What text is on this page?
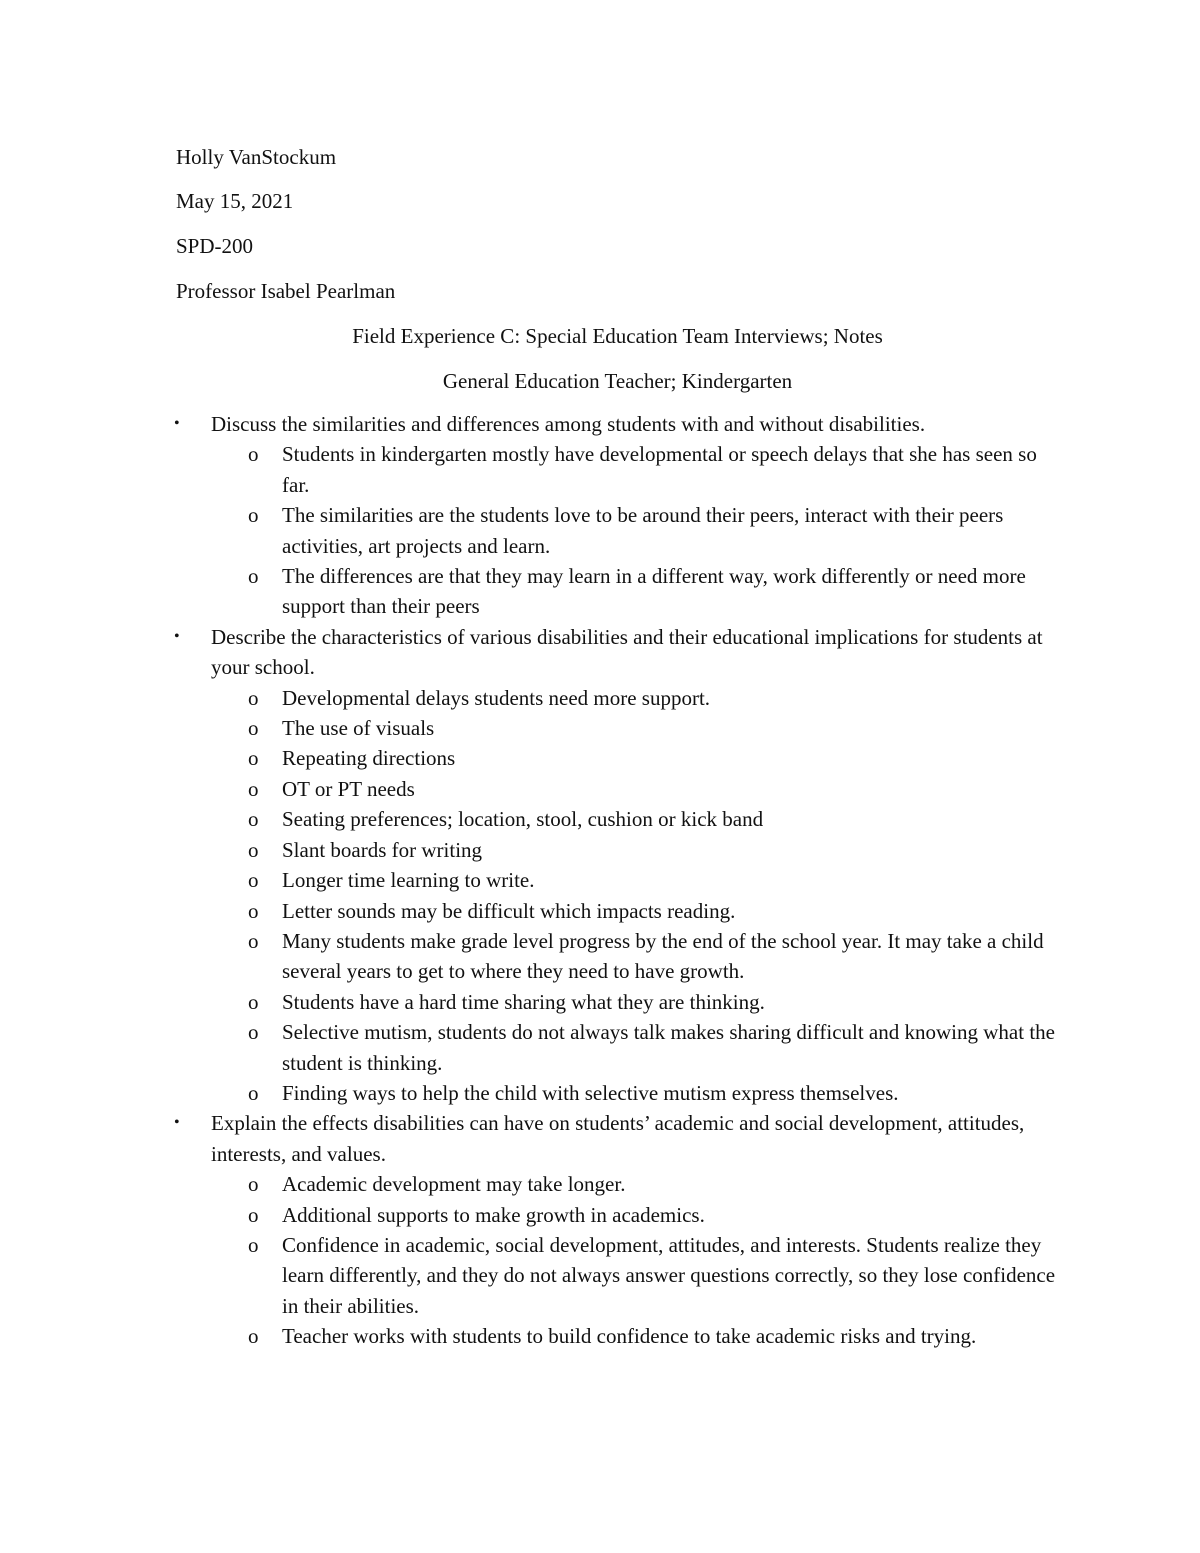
Holly VanStockum
May 15, 2021
SPD-200
Professor Isabel Pearlman
Field Experience C: Special Education Team Interviews; Notes
General Education Teacher; Kindergarten
• Discuss the similarities and differences among students with and without disabilities.
o Students in kindergarten mostly have developmental or speech delays that she has seen so far.
o The similarities are the students love to be around their peers, interact with their peers activities, art projects and learn.
o The differences are that they may learn in a different way, work differently or need more support than their peers
• Describe the characteristics of various disabilities and their educational implications for students at your school.
o Developmental delays students need more support.
o The use of visuals
o Repeating directions
o OT or PT needs
o Seating preferences; location, stool, cushion or kick band
o Slant boards for writing
o Longer time learning to write.
o Letter sounds may be difficult which impacts reading.
o Many students make grade level progress by the end of the school year. It may take a child several years to get to where they need to have growth.
o Students have a hard time sharing what they are thinking.
o Selective mutism, students do not always talk makes sharing difficult and knowing what the student is thinking.
o Finding ways to help the child with selective mutism express themselves.
• Explain the effects disabilities can have on students’ academic and social development, attitudes, interests, and values.
o Academic development may take longer.
o Additional supports to make growth in academics.
o Confidence in academic, social development, attitudes, and interests. Students realize they learn differently, and they do not always answer questions correctly, so they lose confidence in their abilities.
o Teacher works with students to build confidence to take academic risks and trying.
